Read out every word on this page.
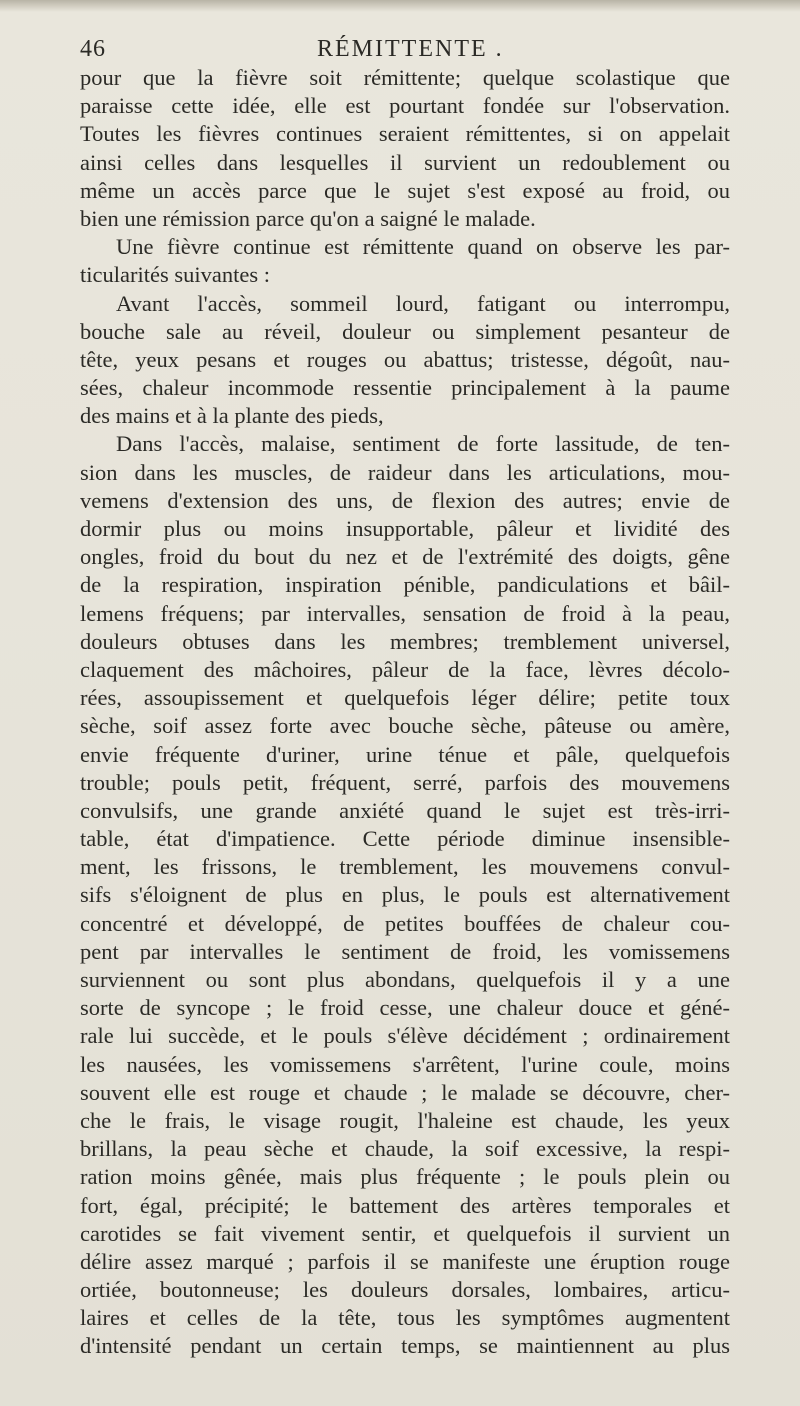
46	RÉMITTENTE .
pour que la fièvre soit rémittente; quelque scolastique que
paraisse cette idée, elle est pourtant fondée sur l'observation.
Toutes les fièvres continues seraient rémittentes, si on appelait
ainsi celles dans lesquelles il survient un redoublement ou
même un accès parce que le sujet s'est exposé au froid, ou
bien une rémission parce qu'on a saigné le malade.
Une fièvre continue est rémittente quand on observe les par-
ticularités suivantes :
Avant l'accès, sommeil lourd, fatigant ou interrompu,
bouche sale au réveil, douleur ou simplement pesanteur de
tête, yeux pesans et rouges ou abattus; tristesse, dégoût, nau-
sées, chaleur incommode ressentie principalement à la paume
des mains et à la plante des pieds,
Dans l'accès, malaise, sentiment de forte lassitude, de ten-
sion dans les muscles, de raideur dans les articulations, mou-
vemens d'extension des uns, de flexion des autres; envie de
dormir plus ou moins insupportable, pâleur et lividité des
ongles, froid du bout du nez et de l'extrémité des doigts, gêne
de la respiration, inspiration pénible, pandiculations et bâil-
lemens fréquens; par intervalles, sensation de froid à la peau,
douleurs obtuses dans les membres; tremblement universel,
claquement des mâchoires, pâleur de la face, lèvres décolo-
rées, assoupissement et quelquefois léger délire; petite toux
sèche, soif assez forte avec bouche sèche, pâteuse ou amère,
envie fréquente d'uriner, urine ténue et pâle, quelquefois
trouble; pouls petit, fréquent, serré, parfois des mouvemens
convulsifs, une grande anxiété quand le sujet est très-irri-
table, état d'impatience. Cette période diminue insensible-
ment, les frissons, le tremblement, les mouvemens convul-
sifs s'éloignent de plus en plus, le pouls est alternativement
concentré et développé, de petites bouffées de chaleur cou-
pent par intervalles le sentiment de froid, les vomissemens
surviennent ou sont plus abondans, quelquefois il y a une
sorte de syncope ; le froid cesse, une chaleur douce et géné-
rale lui succède, et le pouls s'élève décidément ; ordinairement
les nausées, les vomissemens s'arrêtent, l'urine coule, moins
souvent elle est rouge et chaude ; le malade se découvre, cher-
che le frais, le visage rougit, l'haleine est chaude, les yeux
brillans, la peau sèche et chaude, la soif excessive, la respi-
ration moins gênée, mais plus fréquente ; le pouls plein ou
fort, égal, précipité; le battement des artères temporales et
carotides se fait vivement sentir, et quelquefois il survient un
délire assez marqué ; parfois il se manifeste une éruption rouge
ortiée, boutonneuse; les douleurs dorsales, lombaires, articu-
laires et celles de la tête, tous les symptômes augmentent
d'intensité pendant un certain temps, se maintiennent au plus
